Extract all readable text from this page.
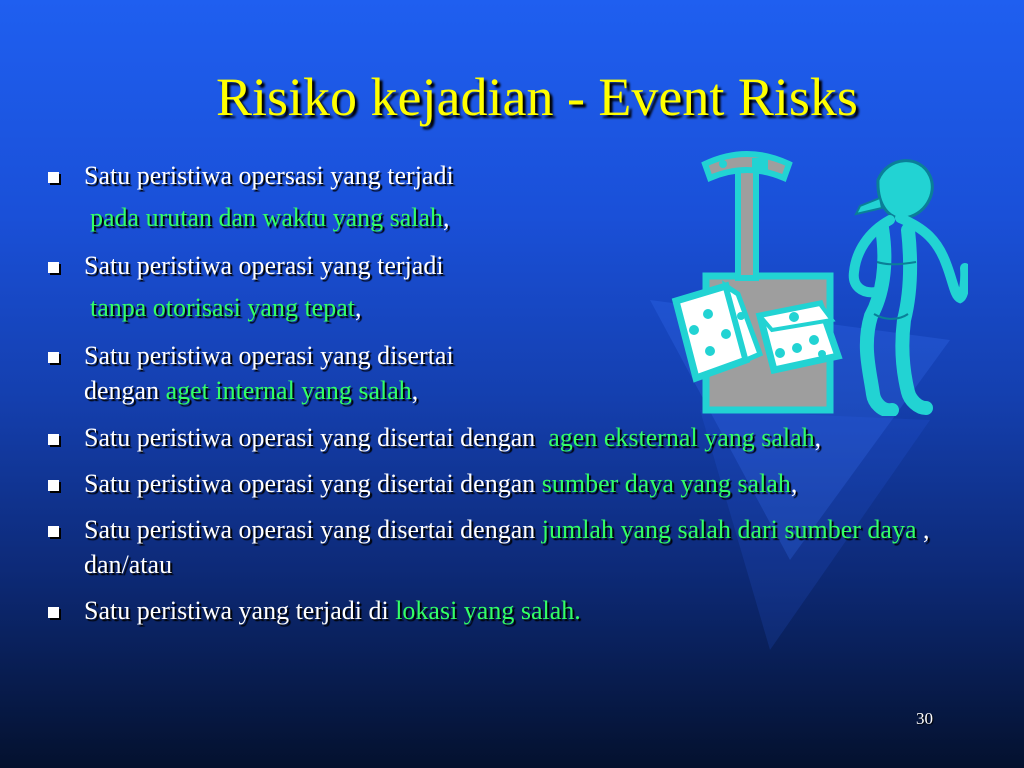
Risiko kejadian - Event Risks
Satu peristiwa opersasi yang terjadi
pada urutan dan waktu yang salah,
Satu peristiwa operasi yang terjadi
tanpa otorisasi yang tepat,
Satu peristiwa operasi yang disertai
dengan aget internal yang salah,
Satu peristiwa operasi yang disertai dengan  agen eksternal yang salah,
Satu peristiwa operasi yang disertai dengan sumber daya yang salah,
Satu peristiwa operasi yang disertai dengan jumlah yang salah dari sumber daya , dan/atau
Satu peristiwa yang terjadi di lokasi yang salah.
30
